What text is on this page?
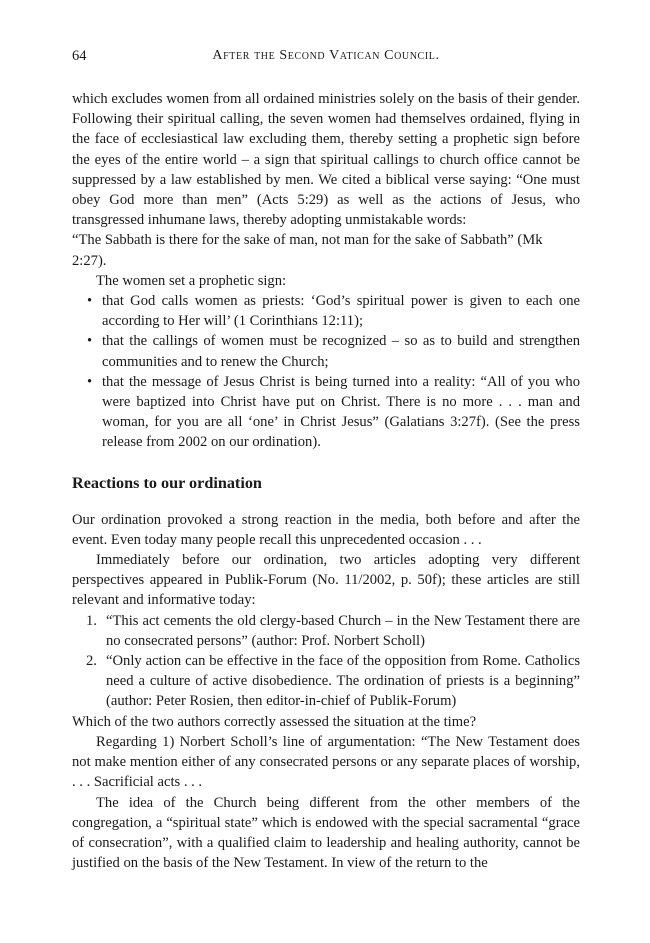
64	After the Second Vatican Council.

which excludes women from all ordained ministries solely on the basis of their gender. Following their spiritual calling, the seven women had themselves ordained, flying in the face of ecclesiastical law excluding them, thereby setting a prophetic sign before the eyes of the entire world – a sign that spiritual callings to church office cannot be suppressed by a law established by men. We cited a biblical verse saying: “One must obey God more than men” (Acts 5:29) as well as the actions of Jesus, who transgressed inhumane laws, thereby adopting unmistakable words:

“The Sabbath is there for the sake of man, not man for the sake of Sabbath” (Mk 2:27).

The women set a prophetic sign:

• that God calls women as priests: ‘God’s spiritual power is given to each one according to Her will’ (1 Corinthians 12:11);
• that the callings of women must be recognized – so as to build and strengthen communities and to renew the Church;
• that the message of Jesus Christ is being turned into a reality: “All of you who were baptized into Christ have put on Christ. There is no more . . . man and woman, for you are all ‘one’ in Christ Jesus” (Galatians 3:27f). (See the press release from 2002 on our ordination).
Reactions to our ordination

Our ordination provoked a strong reaction in the media, both before and after the event. Even today many people recall this unprecedented occasion . . .

Immediately before our ordination, two articles adopting very different perspectives appeared in Publik-Forum (No. 11/2002, p. 50f); these articles are still relevant and informative today:

1. “This act cements the old clergy-based Church – in the New Testament there are no consecrated persons” (author: Prof. Norbert Scholl)
2. “Only action can be effective in the face of the opposition from Rome. Catholics need a culture of active disobedience. The ordination of priests is a beginning” (author: Peter Rosien, then editor-in-chief of Publik-Forum)

Which of the two authors correctly assessed the situation at the time?

Regarding 1) Norbert Scholl’s line of argumentation: “The New Testament does not make mention either of any consecrated persons or any separate places of worship, . . . Sacrificial acts . . .

The idea of the Church being different from the other members of the congregation, a “spiritual state” which is endowed with the special sacramental “grace of consecration”, with a qualified claim to leadership and healing authority, cannot be justified on the basis of the New Testament. In view of the return to the
